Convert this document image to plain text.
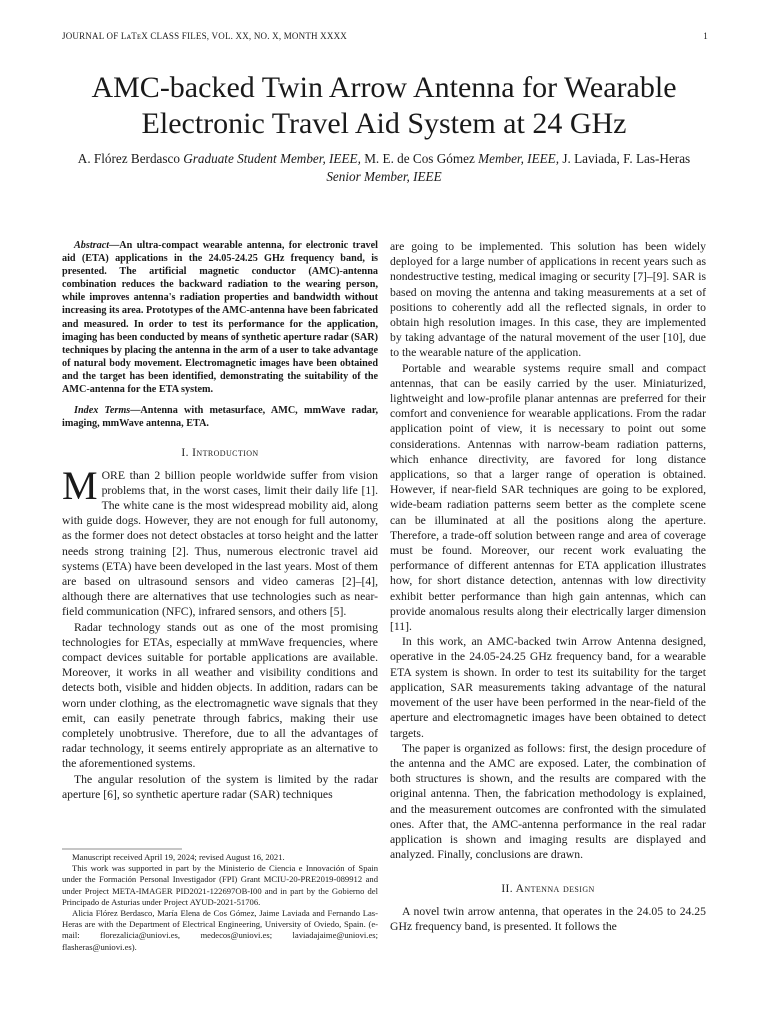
JOURNAL OF LᴀTᴇX CLASS FILES, VOL. XX, NO. X, MONTH XXXX	1
AMC-backed Twin Arrow Antenna for Wearable Electronic Travel Aid System at 24 GHz

A. Flórez Berdasco Graduate Student Member, IEEE, M. E. de Cos Gómez Member, IEEE, J. Laviada, F. Las-Heras Senior Member, IEEE

Abstract—An ultra-compact wearable antenna, for electronic travel aid (ETA) applications in the 24.05-24.25 GHz frequency band, is presented. The artificial magnetic conductor (AMC)-antenna combination reduces the backward radiation to the wearing person, while improves antenna's radiation properties and bandwidth without increasing its area. Prototypes of the AMC-antenna have been fabricated and measured. In order to test its performance for the application, imaging has been conducted by means of synthetic aperture radar (SAR) techniques by placing the antenna in the arm of a user to take advantage of natural body movement. Electromagnetic images have been obtained and the target has been identified, demonstrating the suitability of the AMC-antenna for the ETA system.

Index Terms—Antenna with metasurface, AMC, mmWave radar, imaging, mmWave antenna, ETA.

I. Introduction

MORE than 2 billion people worldwide suffer from vision problems that, in the worst cases, limit their daily life [1]. The white cane is the most widespread mobility aid, along with guide dogs. However, they are not enough for full autonomy, as the former does not detect obstacles at torso height and the latter needs strong training [2]. Thus, numerous electronic travel aid systems (ETA) have been developed in the last years. Most of them are based on ultrasound sensors and video cameras [2]–[4], although there are alternatives that use technologies such as near-field communication (NFC), infrared sensors, and others [5].

Radar technology stands out as one of the most promising technologies for ETAs, especially at mmWave frequencies, where compact devices suitable for portable applications are available. Moreover, it works in all weather and visibility conditions and detects both, visible and hidden objects. In addition, radars can be worn under clothing, as the electromagnetic wave signals that they emit, can easily penetrate through fabrics, making their use completely unobtrusive. Therefore, due to all the advantages of radar technology, it seems entirely appropriate as an alternative to the aforementioned systems.

The angular resolution of the system is limited by the radar aperture [6], so synthetic aperture radar (SAR) techniques

Manuscript received April 19, 2024; revised August 16, 2021.

This work was supported in part by the Ministerio de Ciencia e Innovación of Spain under the Formación Personal Investigador (FPI) Grant MCIU-20-PRE2019-089912 and under Project META-IMAGER PID2021-122697OB-I00 and in part by the Gobierno del Principado de Asturias under Project AYUD-2021-51706.

Alicia Flórez Berdasco, María Elena de Cos Gómez, Jaime Laviada and Fernando Las-Heras are with the Department of Electrical Engineering, University of Oviedo, Spain. (e-mail: florezalicia@uniovi.es, medecos@uniovi.es; laviadajaime@uniovi.es; flasheras@uniovi.es).

are going to be implemented. This solution has been widely deployed for a large number of applications in recent years such as nondestructive testing, medical imaging or security [7]–[9]. SAR is based on moving the antenna and taking measurements at a set of positions to coherently add all the reflected signals, in order to obtain high resolution images. In this case, they are implemented by taking advantage of the natural movement of the user [10], due to the wearable nature of the application.

Portable and wearable systems require small and compact antennas, that can be easily carried by the user. Miniaturized, lightweight and low-profile planar antennas are preferred for their comfort and convenience for wearable applications. From the radar application point of view, it is necessary to point out some considerations. Antennas with narrow-beam radiation patterns, which enhance directivity, are favored for long distance applications, so that a larger range of operation is obtained. However, if near-field SAR techniques are going to be explored, wide-beam radiation patterns seem better as the complete scene can be illuminated at all the positions along the aperture. Therefore, a trade-off solution between range and area of coverage must be found. Moreover, our recent work evaluating the performance of different antennas for ETA application illustrates how, for short distance detection, antennas with low directivity exhibit better performance than high gain antennas, which can provide anomalous results along their electrically larger dimension [11].

In this work, an AMC-backed twin Arrow Antenna designed, operative in the 24.05-24.25 GHz frequency band, for a wearable ETA system is shown. In order to test its suitability for the target application, SAR measurements taking advantage of the natural movement of the user have been performed in the near-field of the aperture and electromagnetic images have been obtained to detect targets.

The paper is organized as follows: first, the design procedure of the antenna and the AMC are exposed. Later, the combination of both structures is shown, and the results are compared with the original antenna. Then, the fabrication methodology is explained, and the measurement outcomes are confronted with the simulated ones. After that, the AMC-antenna performance in the real radar application is shown and imaging results are displayed and analyzed. Finally, conclusions are drawn.

II. Antenna design

A novel twin arrow antenna, that operates in the 24.05 to 24.25 GHz frequency band, is presented. It follows the
